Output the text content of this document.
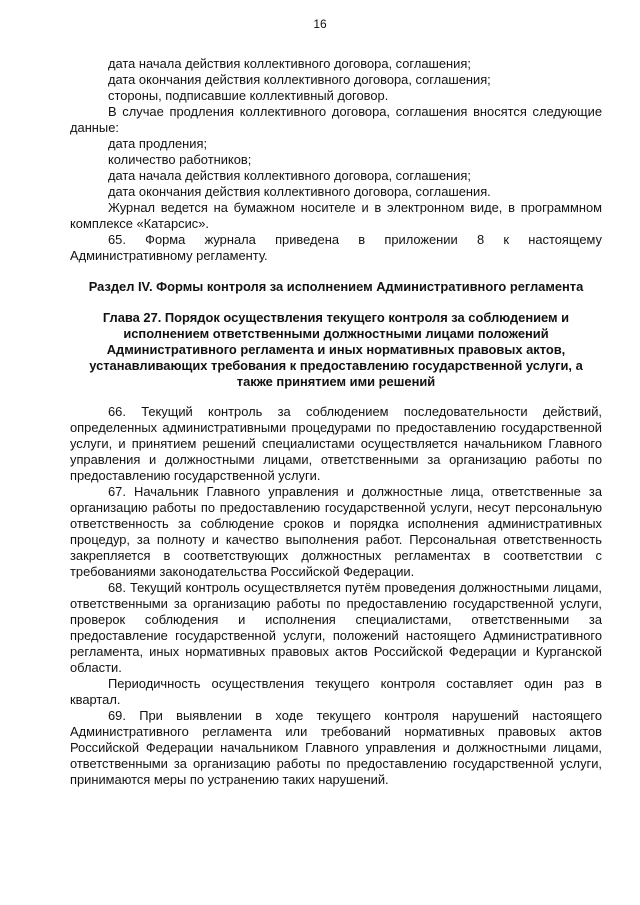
16

дата начала действия коллективного договора, соглашения;

дата окончания действия коллективного договора, соглашения;

стороны, подписавшие коллективный договор.

В случае продления коллективного договора, соглашения вносятся следующие данные:

дата продления;

количество работников;

дата начала действия коллективного договора, соглашения;

дата окончания действия коллективного договора, соглашения.

Журнал ведется на бумажном носителе и в электронном виде, в программном комплексе «Катарсис».

65. Форма журнала приведена в приложении 8 к настоящему Административному регламенту.

Раздел IV. Формы контроля за исполнением Административного регламента

Глава 27. Порядок осуществления текущего контроля за соблюдением и исполнением ответственными должностными лицами положений Административного регламента и иных нормативных правовых актов, устанавливающих требования к предоставлению государственной услуги, а также принятием ими решений

66. Текущий контроль за соблюдением последовательности действий, определенных административными процедурами по предоставлению государственной услуги, и принятием решений специалистами осуществляется начальником Главного управления и должностными лицами, ответственными за организацию работы по предоставлению государственной услуги.

67. Начальник Главного управления и должностные лица, ответственные за организацию работы по предоставлению государственной услуги, несут персональную ответственность за соблюдение сроков и порядка исполнения административных процедур, за полноту и качество выполнения работ. Персональная ответственность закрепляется в соответствующих должностных регламентах в соответствии с требованиями законодательства Российской Федерации.

68. Текущий контроль осуществляется путём проведения должностными лицами, ответственными за организацию работы по предоставлению государственной услуги, проверок соблюдения и исполнения специалистами, ответственными за предоставление государственной услуги, положений настоящего Административного регламента, иных нормативных правовых актов Российской Федерации и Курганской области.

Периодичность осуществления текущего контроля составляет один раз в квартал.

69. При выявлении в ходе текущего контроля нарушений настоящего Административного регламента или требований нормативных правовых актов Российской Федерации начальником Главного управления и должностными лицами, ответственными за организацию работы по предоставлению государственной услуги, принимаются меры по устранению таких нарушений.
